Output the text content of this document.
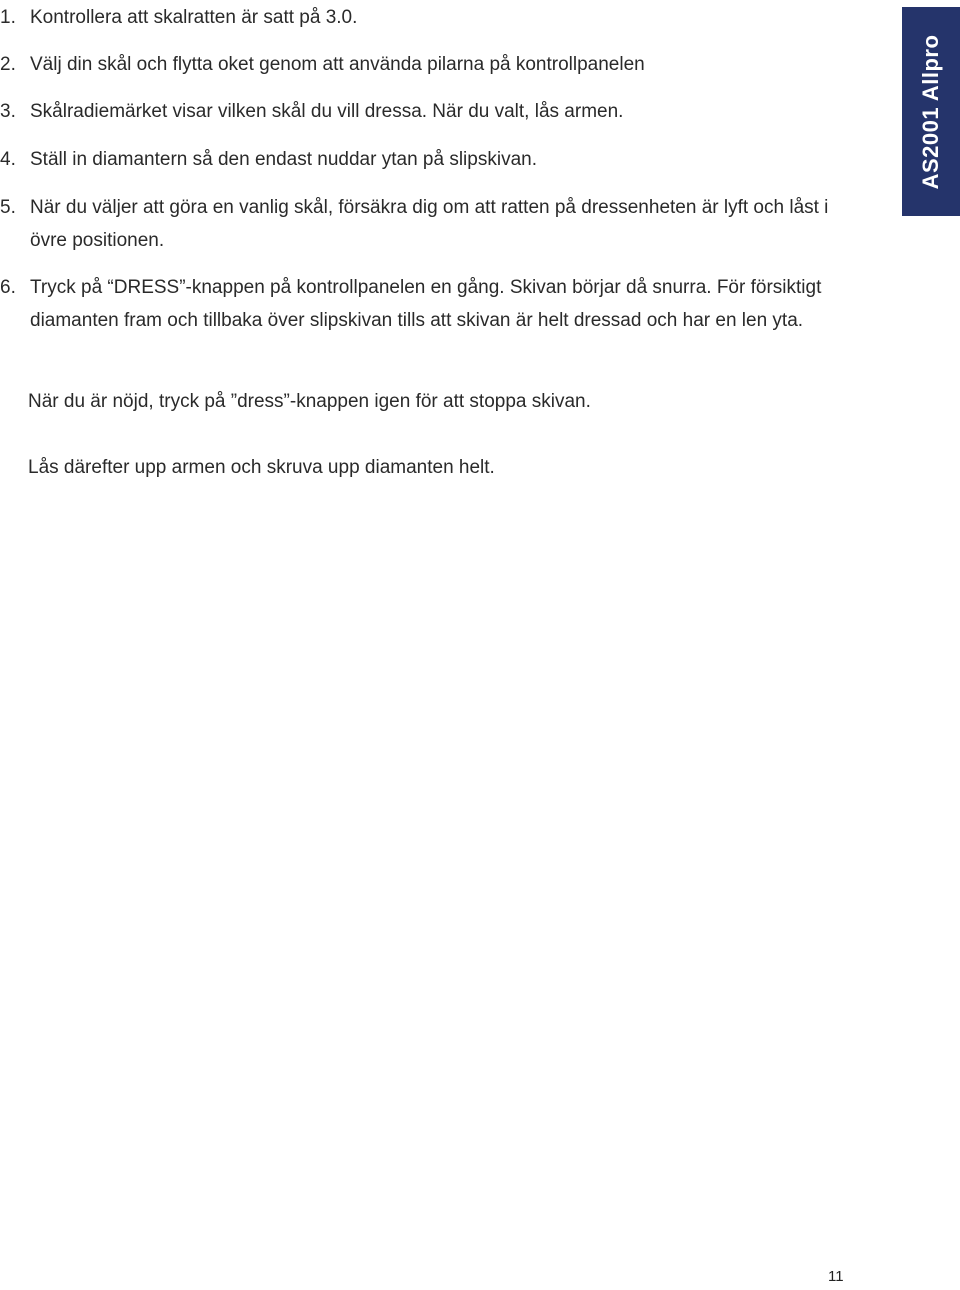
1. Kontrollera att skalratten är satt på 3.0.
2. Välj din skål och flytta oket genom att använda pilarna på kontrollpanelen
3. Skålradiemärket visar vilken skål du vill dressa. När du valt, lås armen.
4. Ställ in diamantern så den endast nuddar ytan på slipskivan.
5. När du väljer att göra en vanlig skål, försäkra dig om att ratten på dressenheten är lyft och låst i övre positionen.
6. Tryck på “DRESS”-knappen på kontrollpanelen en gång. Skivan börjar då snurra. För försiktigt diamanten fram och tillbaka över slipskivan tills att skivan är helt dressad och har en len yta.
När du är nöjd, tryck på ”dress”-knappen igen för att stoppa skivan.
Lås därefter upp armen och skruva upp diamanten helt.
AS2001 Allpro
11
